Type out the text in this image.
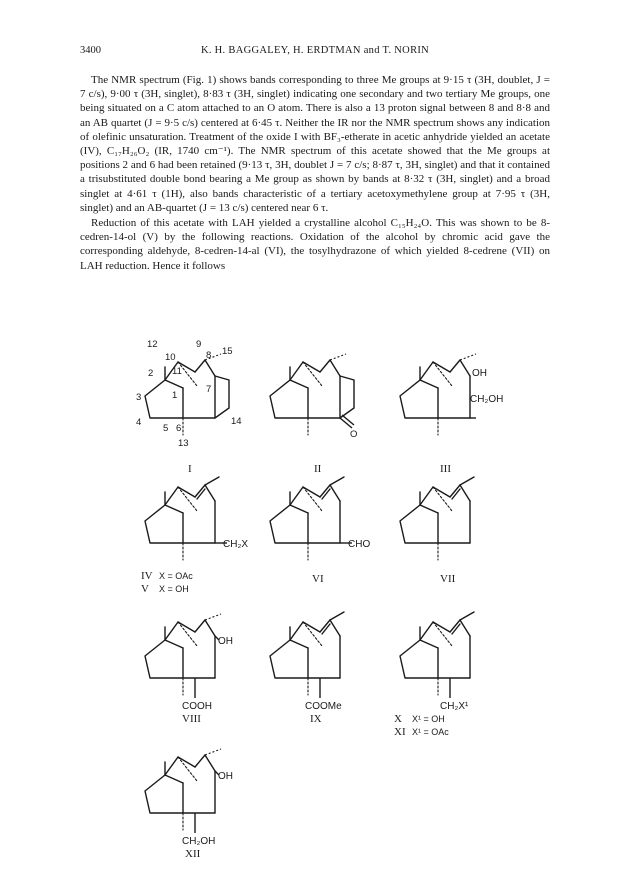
3400	K. H. BAGGALEY, H. ERDTMAN and T. NORIN

The NMR spectrum (Fig. 1) shows bands corresponding to three Me groups at 9·15 τ (3H, doublet, J = 7 c/s), 9·00 τ (3H, singlet), 8·83 τ (3H, singlet) indicating one secondary and two tertiary Me groups, one being situated on a C atom attached to an O atom. There is also a 13 proton signal between 8 and 8·8 and an AB quartet (J = 9·5 c/s) centered at 6·45 τ. Neither the IR nor the NMR spectrum shows any indication of olefinic unsaturation. Treatment of the oxide I with BF₃-etherate in acetic anhydride yielded an acetate (IV), C₁₇H₂₆O₂ (IR, 1740 cm⁻¹). The NMR spectrum of this acetate showed that the Me groups at positions 2 and 6 had been retained (9·13 τ, 3H, doublet J = 7 c/s; 8·87 τ, 3H, singlet) and that it contained a trisubstituted double bond bearing a Me group as shown by bands at 8·32 τ (3H, singlet) and a broad singlet at 4·61 τ (1H), also bands characteristic of a tertiary acetoxymethylene group at 7·95 τ (3H, singlet) and an AB-quartet (J = 13 c/s) centered near 6 τ.

Reduction of this acetate with LAH yielded a crystalline alcohol C₁₅H₂₄O. This was shown to be 8-cedren-14-ol (V) by the following reactions. Oxidation of the alcohol by chromic acid gave the corresponding aldehyde, 8-cedren-14-al (VI), the tosylhydrazone of which yielded 8-cedrene (VII) on LAH reduction. Hence it follows

12	9
15
10	8
2 11
3
7
1
4
5 6
14
13
I
O
II
OH
CH₂OH
III
CH₂X
IV X = OAc
V X = OH
CHO
VI	VII
OH
COOH
VIII
COOMe
IX
CH₂X¹
X X¹ = OH
XI X¹ = OAc
OH
CH₂OH
XII
